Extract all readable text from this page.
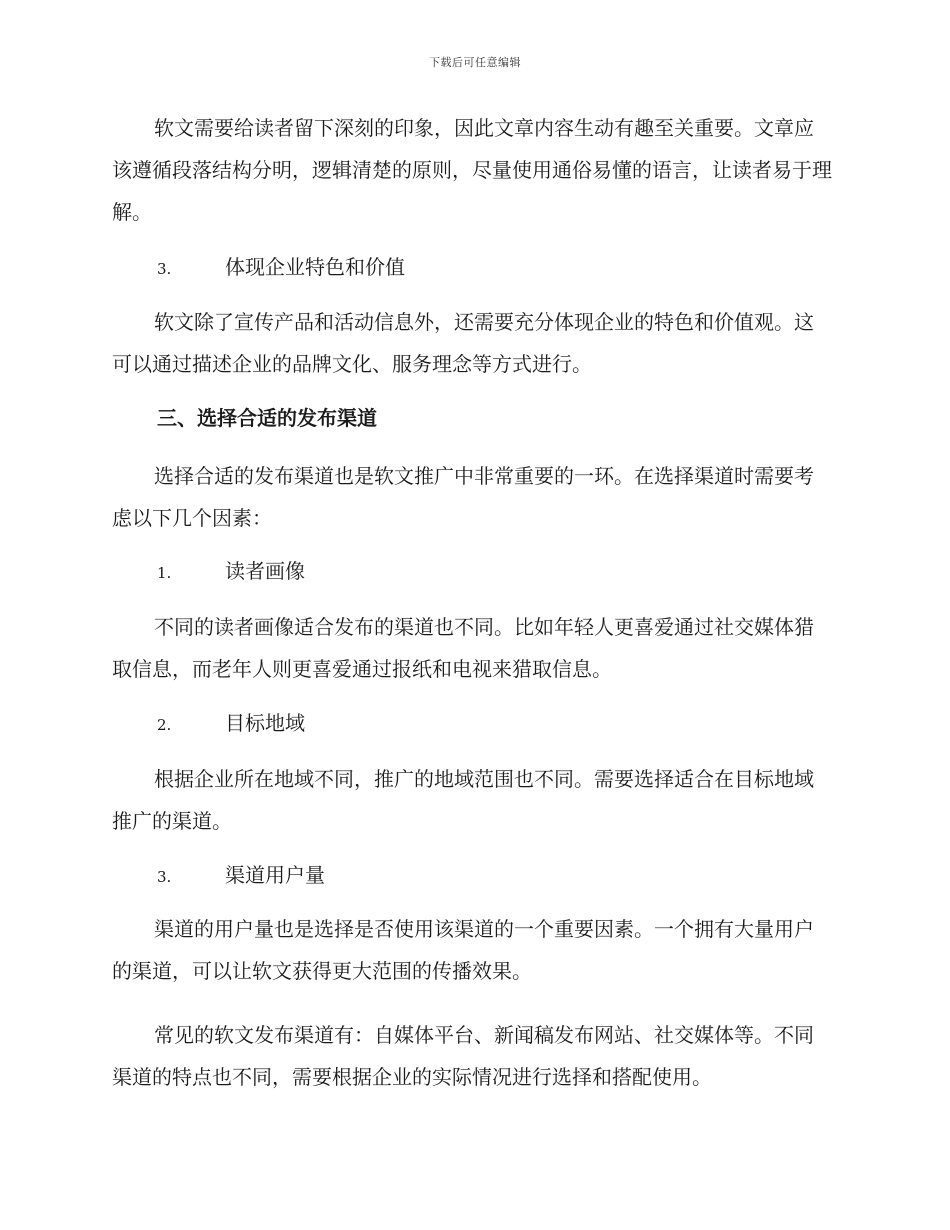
下载后可任意编辑
软文需要给读者留下深刻的印象，因此文章内容生动有趣至关重要。文章应该遵循段落结构分明，逻辑清楚的原则，尽量使用通俗易懂的语言，让读者易于理解。
3.	体现企业特色和价值
软文除了宣传产品和活动信息外，还需要充分体现企业的特色和价值观。这可以通过描述企业的品牌文化、服务理念等方式进行。
三、选择合适的发布渠道
选择合适的发布渠道也是软文推广中非常重要的一环。在选择渠道时需要考虑以下几个因素：
1.	读者画像
不同的读者画像适合发布的渠道也不同。比如年轻人更喜爱通过社交媒体猎取信息，而老年人则更喜爱通过报纸和电视来猎取信息。
2.	目标地域
根据企业所在地域不同，推广的地域范围也不同。需要选择适合在目标地域推广的渠道。
3.	渠道用户量
渠道的用户量也是选择是否使用该渠道的一个重要因素。一个拥有大量用户的渠道，可以让软文获得更大范围的传播效果。
常见的软文发布渠道有：自媒体平台、新闻稿发布网站、社交媒体等。不同渠道的特点也不同，需要根据企业的实际情况进行选择和搭配使用。
